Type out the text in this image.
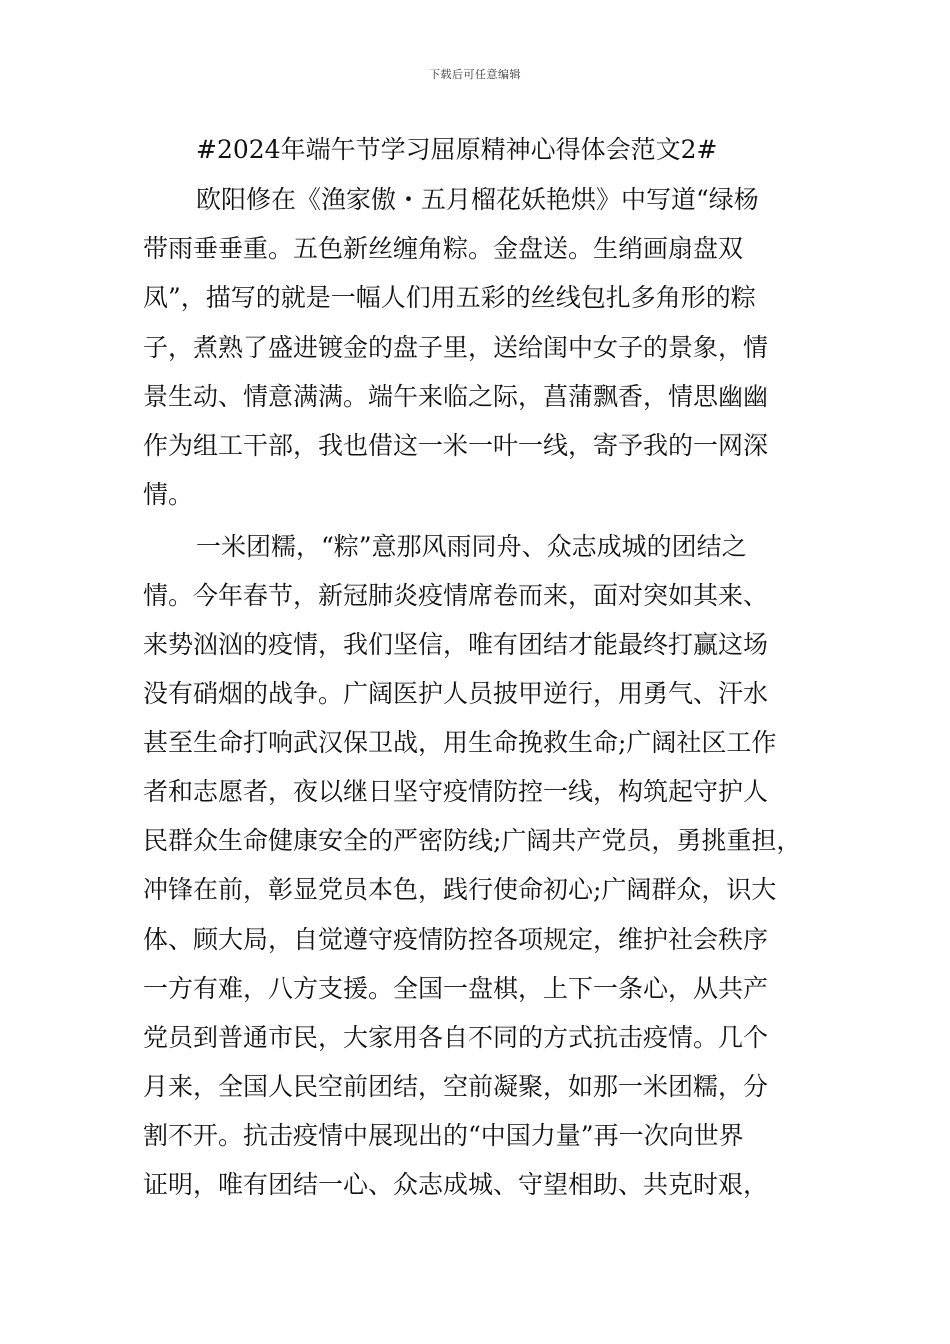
下载后可任意编辑
#2024年端午节学习屈原精神心得体会范文2#
欧阳修在《渔家傲・五月榴花妖艳烘》中写道“绿杨
带雨垂垂重。五色新丝缠角粽。金盘送。生绡画扇盘双
凤”，描写的就是一幅人们用五彩的丝线包扎多角形的粽
子，煮熟了盛进镀金的盘子里，送给闺中女子的景象，情
景生动、情意满满。端午来临之际，菖蒲飘香，情思幽幽
作为组工干部，我也借这一米一叶一线，寄予我的一网深
情。
一米团糯，“粽”意那风雨同舟、众志成城的团结之
情。今年春节，新冠肺炎疫情席卷而来，面对突如其来、
来势汹汹的疫情，我们坚信，唯有团结才能最终打赢这场
没有硝烟的战争。广阔医护人员披甲逆行，用勇气、汗水
甚至生命打响武汉保卫战，用生命挽救生命;广阔社区工作
者和志愿者，夜以继日坚守疫情防控一线，构筑起守护人
民群众生命健康安全的严密防线;广阔共产党员，勇挑重担，
冲锋在前，彰显党员本色，践行使命初心;广阔群众，识大
体、顾大局，自觉遵守疫情防控各项规定，维护社会秩序
一方有难，八方支援。全国一盘棋，上下一条心，从共产
党员到普通市民，大家用各自不同的方式抗击疫情。几个
月来，全国人民空前团结，空前凝聚，如那一米团糯，分
割不开。抗击疫情中展现出的“中国力量”再一次向世界
证明，唯有团结一心、众志成城、守望相助、共克时艰，
